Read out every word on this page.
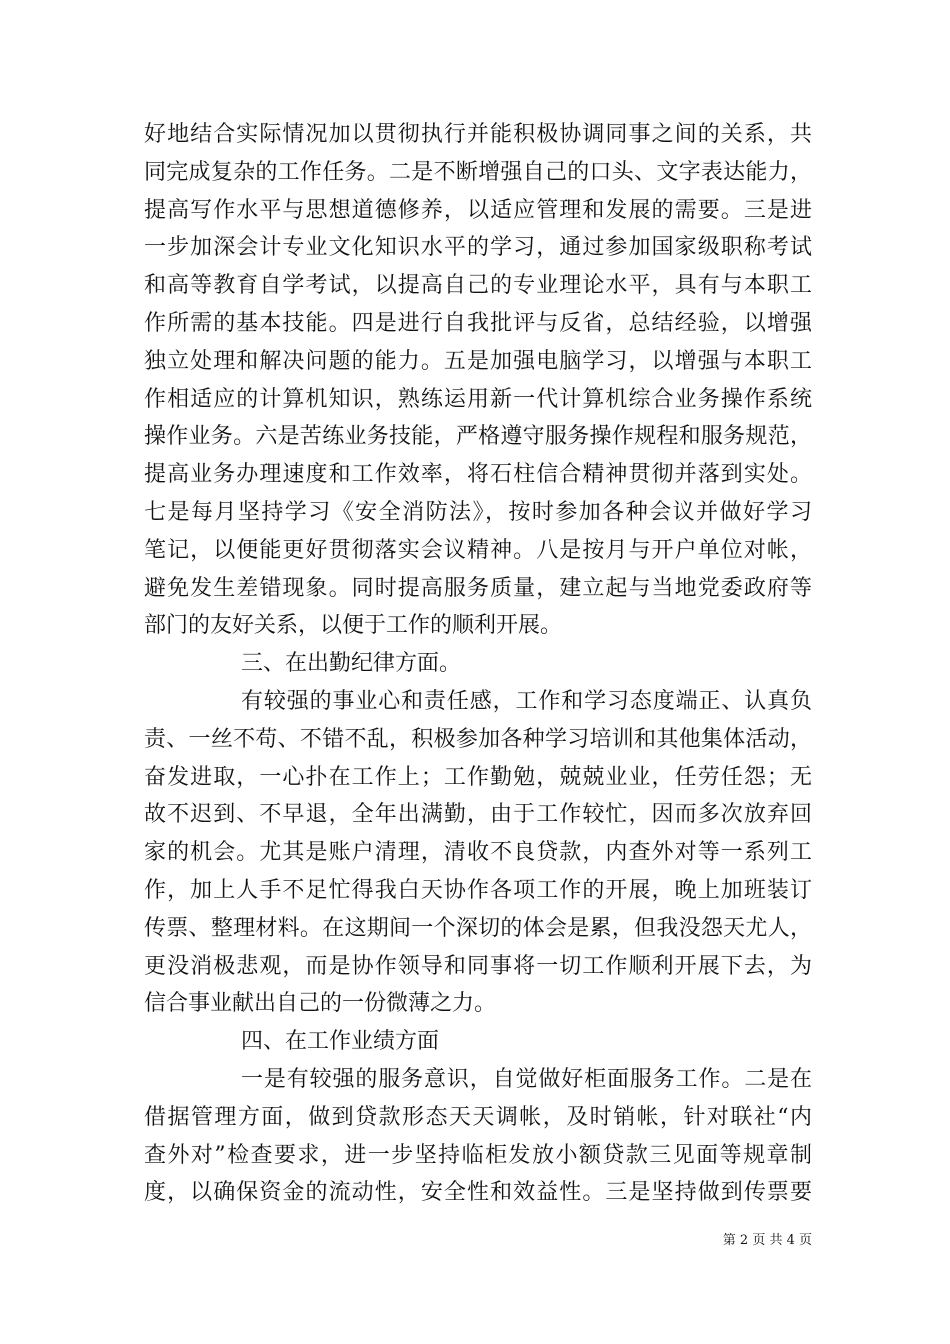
好地结合实际情况加以贯彻执行并能积极协调同事之间的关系，共
同完成复杂的工作任务。二是不断增强自己的口头、文字表达能力，
提高写作水平与思想道德修养，以适应管理和发展的需要。三是进
一步加深会计专业文化知识水平的学习，通过参加国家级职称考试
和高等教育自学考试，以提高自己的专业理论水平，具有与本职工
作所需的基本技能。四是进行自我批评与反省，总结经验，以增强
独立处理和解决问题的能力。五是加强电脑学习，以增强与本职工
作相适应的计算机知识，熟练运用新一代计算机综合业务操作系统
操作业务。六是苦练业务技能，严格遵守服务操作规程和服务规范，
提高业务办理速度和工作效率，将石柱信合精神贯彻并落到实处。
七是每月坚持学习《安全消防法》，按时参加各种会议并做好学习
笔记，以便能更好贯彻落实会议精神。八是按月与开户单位对帐，
避免发生差错现象。同时提高服务质量，建立起与当地党委政府等
部门的友好关系，以便于工作的顺利开展。
三、在出勤纪律方面。
有较强的事业心和责任感，工作和学习态度端正、认真负
责、一丝不苟、不错不乱，积极参加各种学习培训和其他集体活动，
奋发进取，一心扑在工作上；工作勤勉，兢兢业业，任劳任怨；无
故不迟到、不早退，全年出满勤，由于工作较忙，因而多次放弃回
家的机会。尤其是账户清理，清收不良贷款，内查外对等一系列工
作，加上人手不足忙得我白天协作各项工作的开展，晚上加班装订
传票、整理材料。在这期间一个深切的体会是累，但我没怨天尤人，
更没消极悲观，而是协作领导和同事将一切工作顺利开展下去，为
信合事业献出自己的一份微薄之力。
四、在工作业绩方面
一是有较强的服务意识，自觉做好柜面服务工作。二是在
借据管理方面，做到贷款形态天天调帐，及时销帐，针对联社“内
查外对”检查要求，进一步坚持临柜发放小额贷款三见面等规章制
度，以确保资金的流动性，安全性和效益性。三是坚持做到传票要
第 2 页 共 4 页
